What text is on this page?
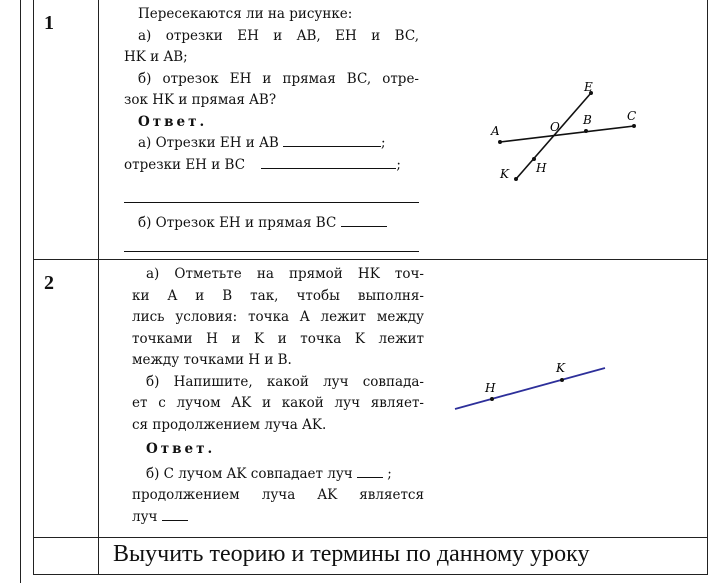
1	Пересекаются ли на рисунке:

а) отрезки EH и AB, EH и BC,

HK и AB;

б) отрезок EH и прямая BC, отре-

зок HK и прямая AB?

Ответ.

а) Отрезки EH и AB	;

отрезки EH и BC	;

б) Отрезок EH и прямая BC

E
A	O B	C
H
K
2	а) Отметьте на прямой HK точ-

ки A и B так, чтобы выполня-

лись условия: точка A лежит между

точками H и K и точка K лежит

между точками H и B.

б) Напишите, какой луч совпада-

ет с лучом AK и какой луч являет-

ся продолжением луча AK.

Ответ.

б) С лучом AK совпадает луч	;

продолжением луча AK является

луч

H
K
Выучить теорию и термины по данному уроку
